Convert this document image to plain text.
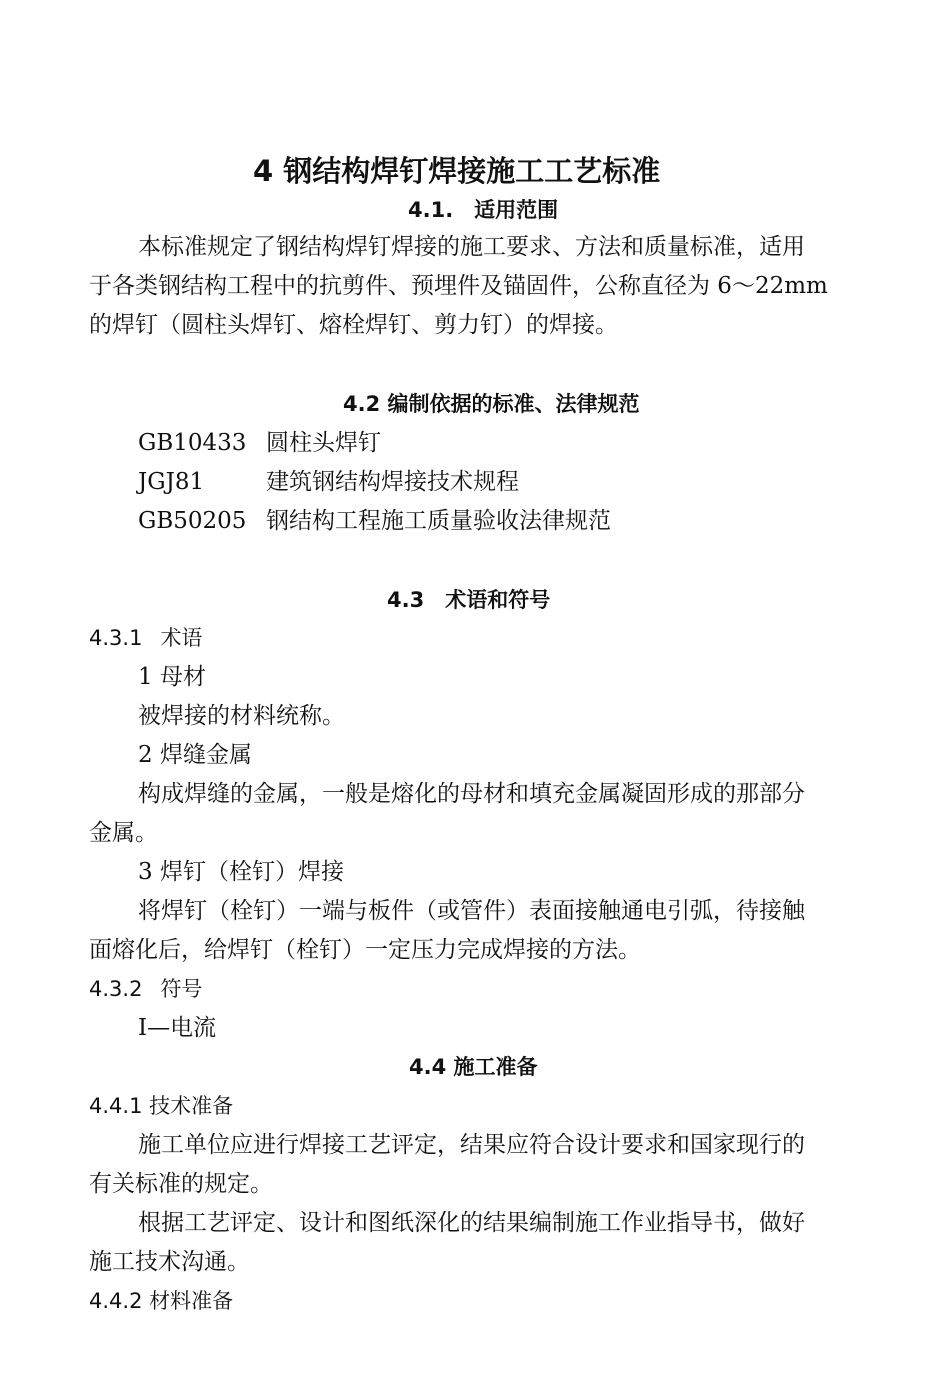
4 钢结构焊钉焊接施工工艺标准
4.1.　适用范围
本标准规定了钢结构焊钉焊接的施工要求、方法和质量标准，适用
于各类钢结构工程中的抗剪件、预埋件及锚固件，公称直径为 6～22mm
的焊钉（圆柱头焊钉、熔栓焊钉、剪力钉）的焊接。
4.2 编制依据的标准、法律规范
GB10433 圆柱头焊钉
JGJ81	建筑钢结构焊接技术规程
GB50205 钢结构工程施工质量验收法律规范
4.3　术语和符号
4.3.1 术语
1 母材
被焊接的材料统称。
2 焊缝金属
构成焊缝的金属，一般是熔化的母材和填充金属凝固形成的那部分
金属。
3 焊钉（栓钉）焊接
将焊钉（栓钉）一端与板件（或管件）表面接触通电引弧，待接触
面熔化后，给焊钉（栓钉）一定压力完成焊接的方法。
4.3.2 符号
I—电流
4.4 施工准备
4.4.1 技术准备
施工单位应进行焊接工艺评定，结果应符合设计要求和国家现行的
有关标准的规定。
根据工艺评定、设计和图纸深化的结果编制施工作业指导书，做好
施工技术沟通。
4.4.2 材料准备
